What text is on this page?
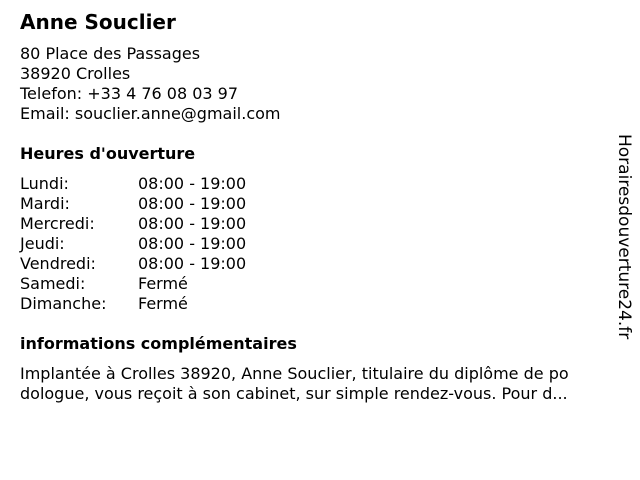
Anne Souclier
80 Place des Passages
38920 Crolles
Telefon: +33 4 76 08 03 97
Email: souclier.anne@gmail.com
Heures d'ouverture
Lundi:	08:00 - 19:00
Mardi:	08:00 - 19:00
Mercredi:	08:00 - 19:00
Jeudi:	08:00 - 19:00
Vendredi:	08:00 - 19:00
Samedi:	Fermé
Dimanche:	Fermé
informations complémentaires
Implantée à Crolles 38920, Anne Souclier, titulaire du diplôme de po
dologue, vous reçoit à son cabinet, sur simple rendez-vous. Pour d...
Horairesdouverture24.fr
